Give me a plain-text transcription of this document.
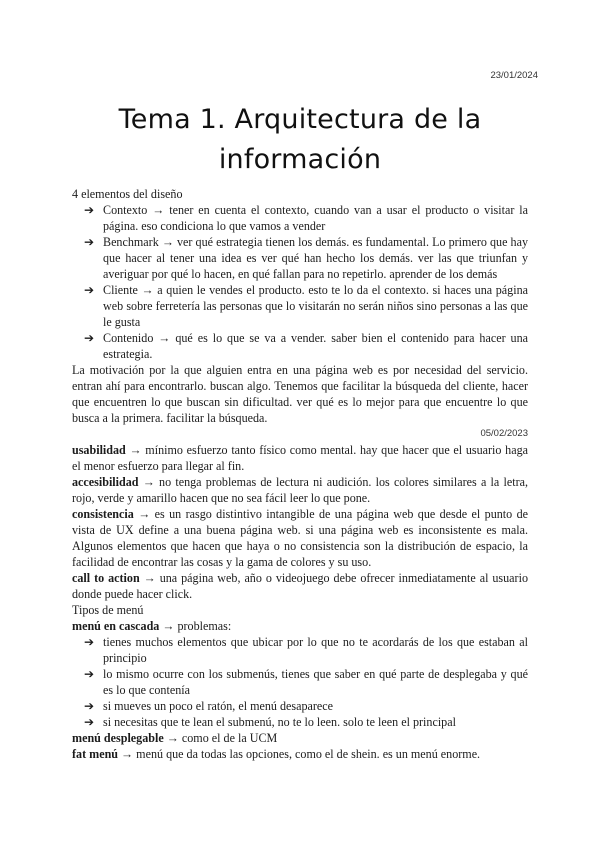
23/01/2024
Tema 1. Arquitectura de la
información

4 elementos del diseño

➔ Contexto → tener en cuenta el contexto, cuando van a usar el producto o visitar la página. eso condiciona lo que vamos a vender
➔ Benchmark → ver qué estrategia tienen los demás. es fundamental. Lo primero que hay que hacer al tener una idea es ver qué han hecho los demás. ver las que triunfan y averiguar por qué lo hacen, en qué fallan para no repetirlo. aprender de los demás
➔ Cliente → a quien le vendes el producto. esto te lo da el contexto. si haces una página web sobre ferretería las personas que lo visitarán no serán niños sino personas a las que le gusta
➔ Contenido → qué es lo que se va a vender. saber bien el contenido para hacer una estrategia.

La motivación por la que alguien entra en una página web es por necesidad del servicio. entran ahí para encontrarlo. buscan algo. Tenemos que facilitar la búsqueda del cliente, hacer que encuentren lo que buscan sin dificultad. ver qué es lo mejor para que encuentre lo que busca a la primera. facilitar la búsqueda.

05/02/2023

usabilidad → mínimo esfuerzo tanto físico como mental. hay que hacer que el usuario haga el menor esfuerzo para llegar al fin.

accesibilidad → no tenga problemas de lectura ni audición. los colores similares a la letra, rojo, verde y amarillo hacen que no sea fácil leer lo que pone.

consistencia → es un rasgo distintivo intangible de una página web que desde el punto de vista de UX define a una buena página web. si una página web es inconsistente es mala. Algunos elementos que hacen que haya o no consistencia son la distribución de espacio, la facilidad de encontrar las cosas y la gama de colores y su uso.

call to action → una página web, año o videojuego debe ofrecer inmediatamente al usuario donde puede hacer click.

Tipos de menú

menú en cascada → problemas:

➔ tienes muchos elementos que ubicar por lo que no te acordarás de los que estaban al principio
➔ lo mismo ocurre con los submenús, tienes que saber en qué parte de desplegaba y qué es lo que contenía
➔ si mueves un poco el ratón, el menú desaparece
➔ si necesitas que te lean el submenú, no te lo leen. solo te leen el principal

menú desplegable → como el de la UCM

fat menú → menú que da todas las opciones, como el de shein. es un menú enorme.
